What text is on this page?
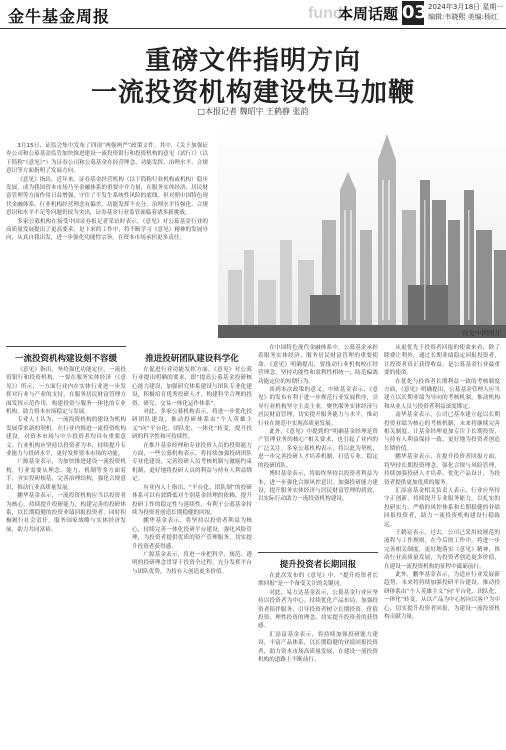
金牛基金周报	fund
本周话题 03 2024年3月18日 星期一
编辑:韦晓熙 美编:杨红
重磅文件指明方向
一流投资机构建设快马加鞭
□本报记者 魏昭宇 王鹤静 张韵
视觉中国图片

3月15日，证监会集中发布了四项“两强两严”政策文件。其中，《关于加强证券公司和公募基金监管加快推进建设一流投资银行和投资机构的意见（试行）》（以下简称“《意见》”）为证券公司和公募基金在经营理念、功能发挥、治理水平、合规意识等方面指明了发展方向。

《意见》指出，近年来，证券基金经营机构（以下简称行业机构或机构）稳步发展，成为我国资本市场乃至金融体系的重要中介力量，在服务实体经济、居民财富管理等方面作用日益增强，守住了不发生系统性风险的底线。但对照中国特色现代金融体系、行业机构经营理念有偏差、功能发挥不充分、治理水平待强化、合规意识和水平不足等问题仍较为突出，证券基金行业监管面临着诸多新挑战。

多家公募机构在接受中国证券报记者采访时表示，《意见》对公募基金行业的高质量发展提出了更高要求，是下来的工作中，将不断学习《意见》精神的发展导向，从真自我出发，进一步强化功能性宗旨，在资本市场承担更多责任。

一流投资机构建设刻不容缓

《意见》指出，坚持强化功能定位，一流投资银行和投资机构，一要在服务实体经济（《意见》）所示，一方面行业内在实体行业进一步发挥对行业与产业的支持，在服务居民财富管理方面发挥示范作用，构建投资与服务一体化的专业机构，助力资本市场稳定与发展。

专业人士认为，一流投资机构的建设为机构发展带来新的契机。在行业内推进一流投资机构建设，对资本市场与中小投资者均具有重要意义。行业机构应坚持以投资者为本，持续提升专业能力与投研水平，更好发挥资本市场的功能。

广源基金表示，为加快推进建设一流投资机构，行业需要从理念、能力、机制等多方面着手，夯实投研根基，完善治理结构，强化合规意识，推动行业高质量发展。

鹏华基金表示，一流投资机构应当以投资者为核心，持续提升投研能力，构建完善的投研体系，以长期稳健的投资业绩回报投资者，同时积极履行社会责任，服务国家战略与实体经济发展，助力共同富裕。

推进投研团队建设科学化

在促进行业功能发挥方面，《意见》对公募行业提出明确的要求，即“提高公募基金投研核心能力建设，加强研究体系建设与团队专业化建设，积极培育优秀投研人才，构建科学合理的投资、研究、交易一体化运作体系”。

对此，多家公募机构表示，将进一步优化投研团队建设，推动投研体系由“个人英雄主义”向“平台化、团队化、一体化”转变，提升投研的科学性和可持续性。

在推升基金经理和专业投资人员的投资能力方面，一些公募机构表示，将持续加强投研团队专业化建设，完善投研人员考核机制与激励约束机制，更好地将投研人员的利益与持有人利益绑定。

有业内人士指出，“平台化、团队制”的投研体系可以有效降低对个别基金经理的依赖，提升投研工作的稳定性与延续性，有利于公募基金持续为投资者创造长期稳健的回报。

鹏华基金表示，将坚持以投资者利益为核心，持续完善一体化投研平台建设，强化风险管理，为投资者提供优质的资产管理服务，切实提升投资者获得感。

广源基金表示，将进一步把科学、规范、透明的投研理念贯穿于投资全过程，充分发挥平台与团队优势，为持有人创造更多价值。

在中国特色现代金融体系中，公募基金承担着服务实体经济、服务居民财富管理的重要使命。《意见》明确提出，要推动行业机构校正经营理念，坚持功能性和盈利性相统一，防范偏离功能定位的短期行为。

谈到本次政策的意义，中欧基金表示，《意见》的发布有利于进一步规范行业发展秩序，引导行业机构坚守主责主业，聚焦服务实体经济与居民财富管理，切实提升服务能力与水平，推动行业在规范中实现高质量发展。

此外，《意见》中提到的“明确基金经理是资产管理业务的核心”相关要求，也引起了业内的广泛关注。多家公募机构表示，将以此为契机，进一步完善投研人才培养机制，打造专业、稳定的投研团队。

博时基金表示，将始终坚持以投资者利益为本，进一步强化合规风控意识，加强投研能力建设，提升服务实体经济与居民财富管理的质效，以实际行动助力一流投资机构建设。

提升投资者长期回报

在此次发布的《意见》中，“提升投资者长期回报”是一个备受关注的关键词。

对此，易方达基金表示，公募基金行业应坚持以投资者为中心，持续优化产品布局，加强投资者陪伴服务，引导投资者树立长期投资、价值投资、理性投资的理念，切实提升投资者的获得感。

汇添富基金表示，将持续加强投研能力建设，丰富产品体系，以长期稳健的业绩回报投资者，助力资本市场高质量发展，在建设一流投资机构的道路上不断前行。

从更优先于投资者回报的使命来看，除了降费让利外，通过长期业绩稳定回报投资者，让投资者真正获得收益，是公募基金行业最重要的使命。

在优化与投资者长期利益一致的考核制度方面，《意见》明确提出，公募基金管理人应当建立以长期业绩为导向的考核机制，推动机构和从业人员与投资者利益深度绑定。

南华基金表示，公司已基本建立起以长期投资业绩为核心的考核机制，未来将继续完善相关制度，让基金经理更加专注于长期投资，与持有人利益保持一致，更好地为投资者创造长期价值。

鹏华基金表示，在提升投资者回报方面，将坚持长期投资理念，强化合规与风险管理，持续加强投研人才培养，优化产品设计，为投资者提供更加优质的服务。

汇添富基金相关负责人表示，行业应坚持守正创新，持续提升专业服务能力，以扎实的投研实力、严格的风控体系和长期稳健的业绩回报投资者，助力一流投资机构建设行稳致远。

王鹤宸表示，过去，公司已采用较规范的流程与工作规则，在今后的工作中，将进一步完善相关制度，更好地落实《意见》精神，推动行业高质量发展，为投资者创造更多价值，在建设一流投资机构的征程中砥砺前行。

此外，鹏华基金表示，为适应行业发展新趋势，未来将持续加强投研平台建设，推动投研体系由“个人英雄主义”向“平台化、团队化、一体化”转变，从以产品为中心转向以客户为中心，切实提升投资者回报，为建设一流投资机构贡献力量。
